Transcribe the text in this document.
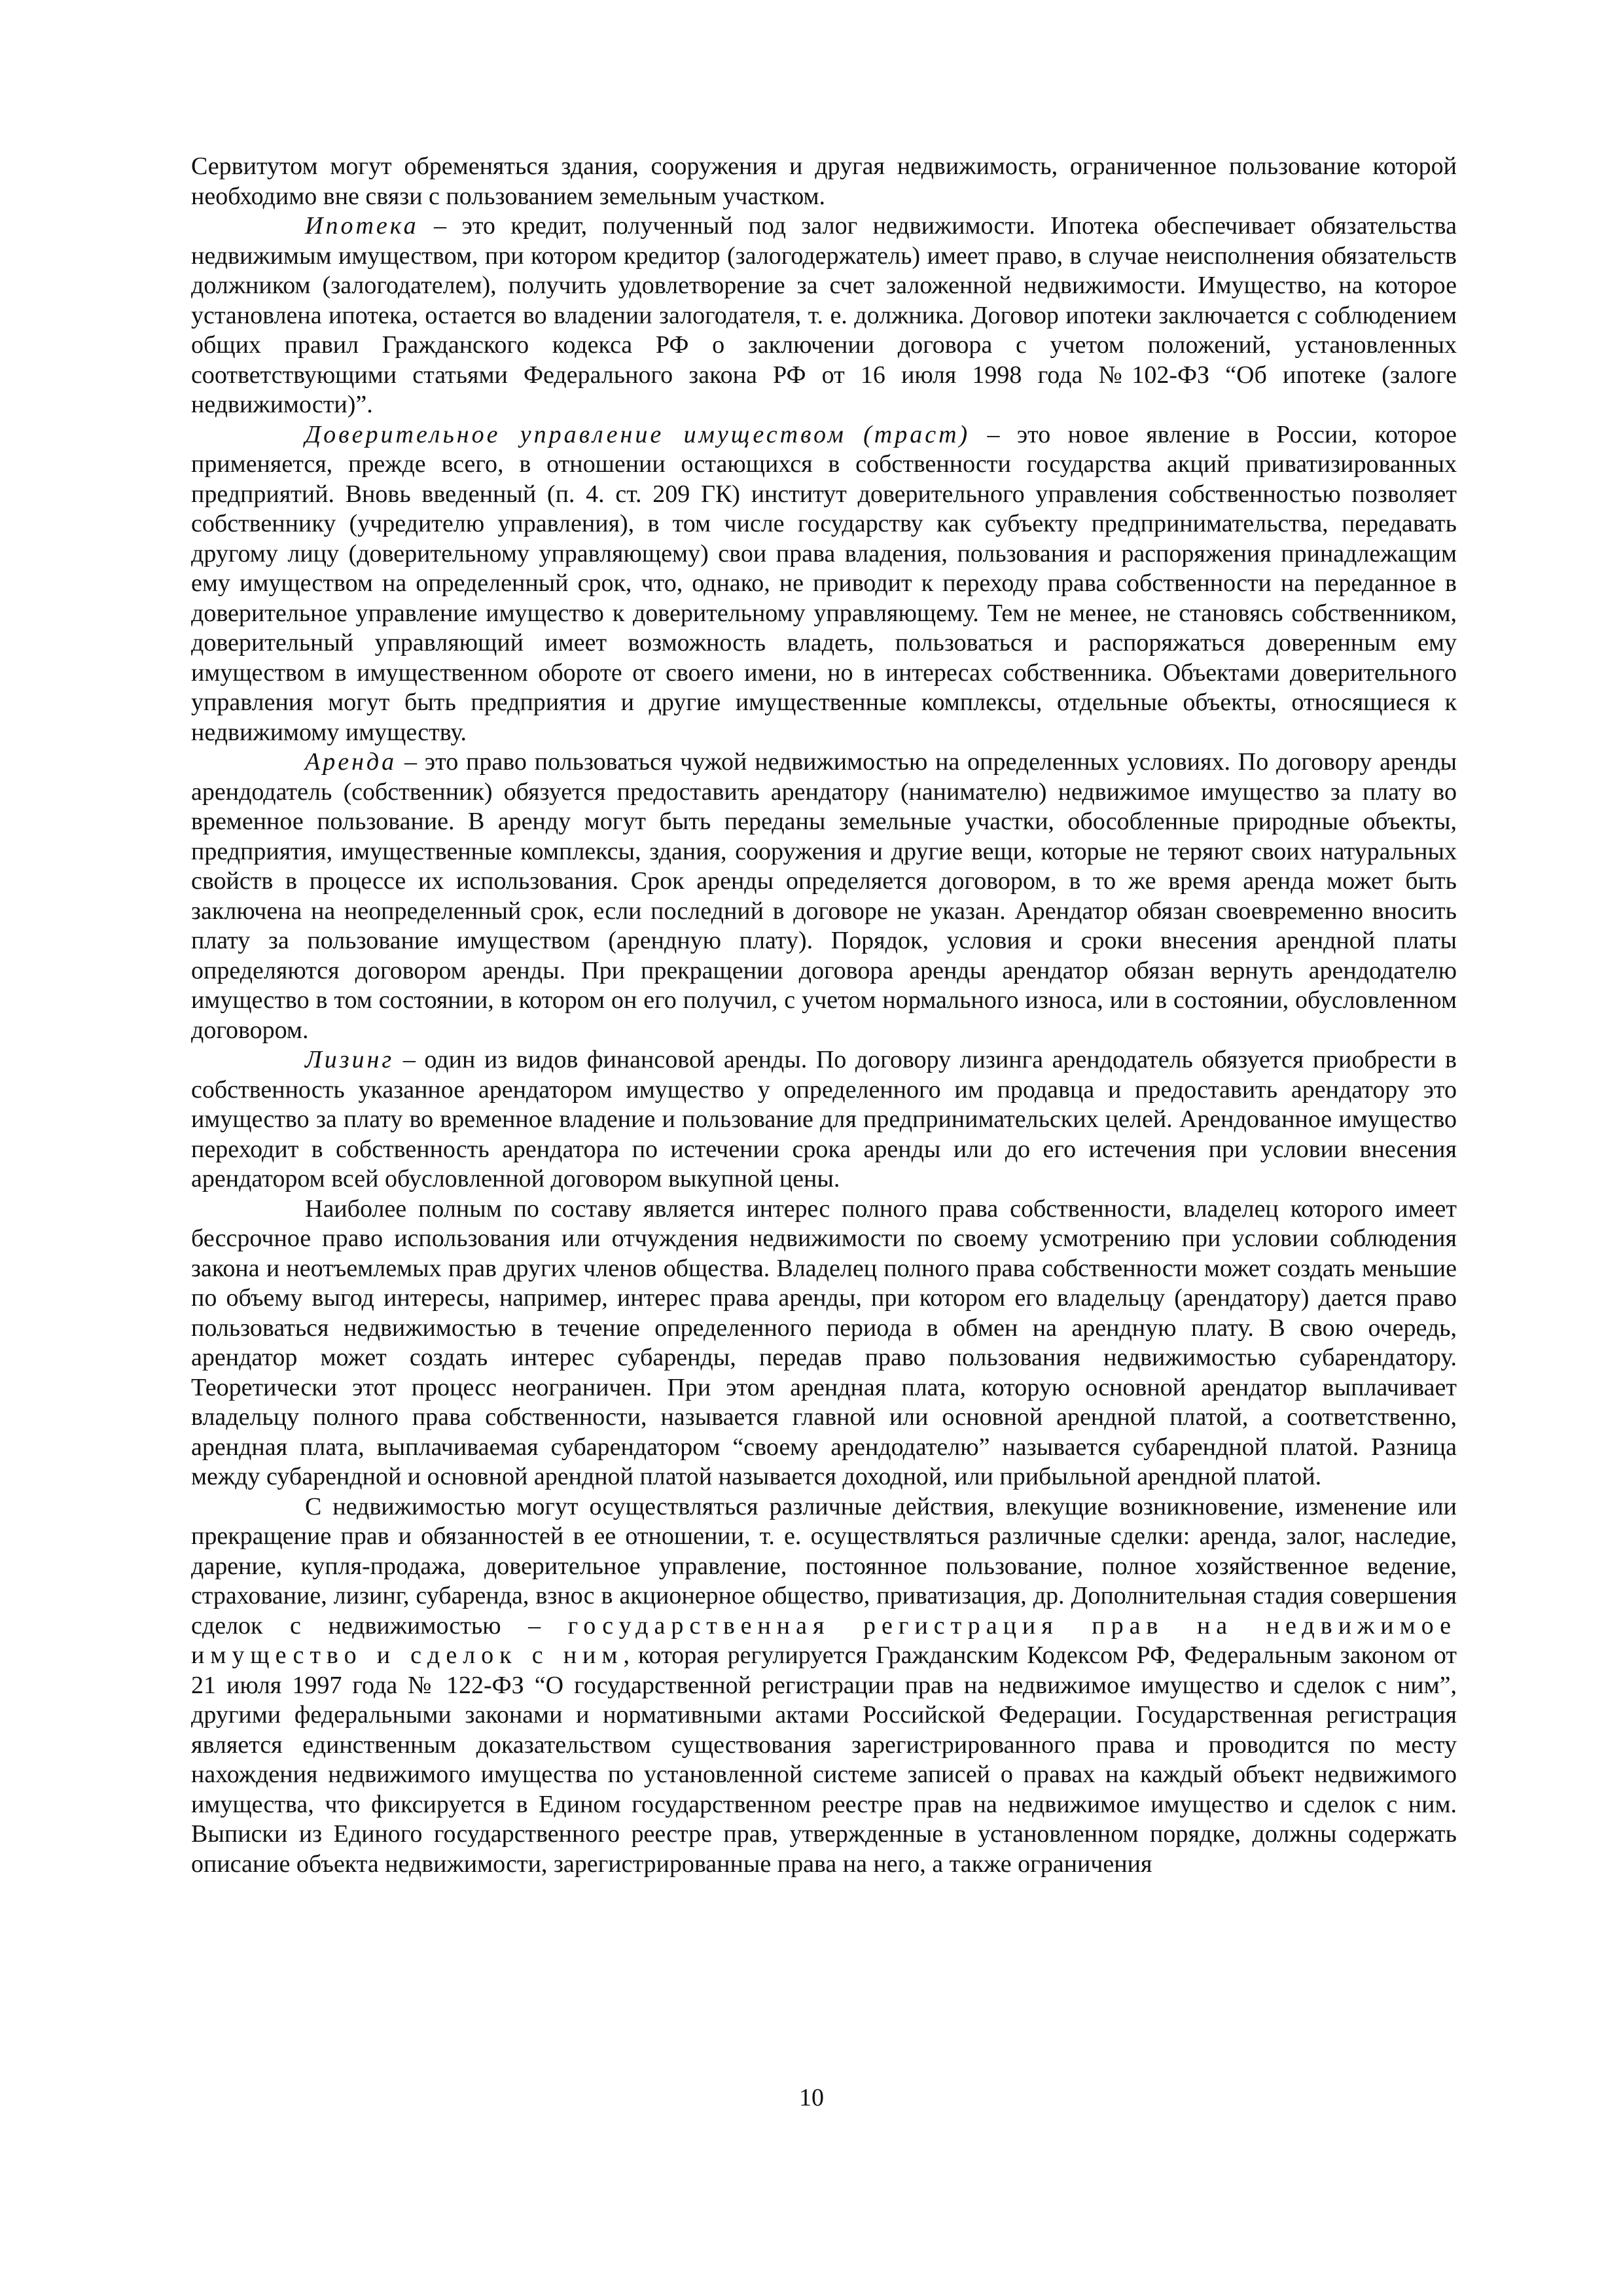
Сервитутом могут обременяться здания, сооружения и другая недвижимость, ограниченное пользование которой необходимо вне связи с пользованием земельным участком.

Ипотека – это кредит, полученный под залог недвижимости. Ипотека обеспечивает обязательства недвижимым имуществом, при котором кредитор (залогодержатель) имеет право, в случае неисполнения обязательств должником (залогодателем), получить удовлетворение за счет заложенной недвижимости. Имущество, на которое установлена ипотека, остается во владении залогодателя, т. е. должника. Договор ипотеки заключается с соблюдением общих правил Гражданского кодекса РФ о заключении договора с учетом положений, установленных соответствующими статьями Федерального закона РФ от 16 июля 1998 года №102-ФЗ “Об ипотеке (залоге недвижимости)”.

Доверительное управление имуществом (траст) – это новое явление в России, которое применяется, прежде всего, в отношении остающихся в собственности государства акций приватизированных предприятий. Вновь введенный (п. 4. ст. 209 ГК) институт доверительного управления собственностью позволяет собственнику (учредителю управления), в том числе государству как субъекту предпринимательства, передавать другому лицу (доверительному управляющему) свои права владения, пользования и распоряжения принадлежащим ему имуществом на определенный срок, что, однако, не приводит к переходу права собственности на переданное в доверительное управление имущество к доверительному управляющему. Тем не менее, не становясь собственником, доверительный управляющий имеет возможность владеть, пользоваться и распоряжаться доверенным ему имуществом в имущественном обороте от своего имени, но в интересах собственника. Объектами доверительного управления могут быть предприятия и другие имущественные комплексы, отдельные объекты, относящиеся к недвижимому имуществу.

Аренда – это право пользоваться чужой недвижимостью на определенных условиях. По договору аренды арендодатель (собственник) обязуется предоставить арендатору (нанимателю) недвижимое имущество за плату во временное пользование. В аренду могут быть переданы земельные участки, обособленные природные объекты, предприятия, имущественные комплексы, здания, сооружения и другие вещи, которые не теряют своих натуральных свойств в процессе их использования. Срок аренды определяется договором, в то же время аренда может быть заключена на неопределенный срок, если последний в договоре не указан. Арендатор обязан своевременно вносить плату за пользование имуществом (арендную плату). Порядок, условия и сроки внесения арендной платы определяются договором аренды. При прекращении договора аренды арендатор обязан вернуть арендодателю имущество в том состоянии, в котором он его получил, с учетом нормального износа, или в состоянии, обусловленном договором.

Лизинг – один из видов финансовой аренды. По договору лизинга арендодатель обязуется приобрести в собственность указанное арендатором имущество у определенного им продавца и предоставить арендатору это имущество за плату во временное владение и пользование для предпринимательских целей. Арендованное имущество переходит в собственность арендатора по истечении срока аренды или до его истечения при условии внесения арендатором всей обусловленной договором выкупной цены.

Наиболее полным по составу является интерес полного права собственности, владелец которого имеет бессрочное право использования или отчуждения недвижимости по своему усмотрению при условии соблюдения закона и неотъемлемых прав других членов общества. Владелец полного права собственности может создать меньшие по объему выгод интересы, например, интерес права аренды, при котором его владельцу (арендатору) дается право пользоваться недвижимостью в течение определенного периода в обмен на арендную плату. В свою очередь, арендатор может создать интерес субаренды, передав право пользования недвижимостью субарендатору. Теоретически этот процесс неограничен. При этом арендная плата, которую основной арендатор выплачивает владельцу полного права собственности, называется главной или основной арендной платой, а соответственно, арендная плата, выплачиваемая субарендатором “своему арендодателю” называется субарендной платой. Разница между субарендной и основной арендной платой называется доходной, или прибыльной арендной платой.

С недвижимостью могут осуществляться различные действия, влекущие возникновение, изменение или прекращение прав и обязанностей в ее отношении, т. е. осуществляться различные сделки: аренда, залог, наследие, дарение, купля-продажа, доверительное управление, постоянное пользование, полное хозяйственное ведение, страхование, лизинг, субаренда, взнос в акционерное общество, приватизация, др. Дополнительная стадия совершения сделок с недвижимостью – государственная регистрация прав на недвижимое имущество и сделок с ним, которая регулируется Гражданским Кодексом РФ, Федеральным законом от 21 июля 1997 года № 122-ФЗ “О государственной регистрации прав на недвижимое имущество и сделок с ним”, другими федеральными законами и нормативными актами Российской Федерации. Государственная регистрация является единственным доказательством существования зарегистрированного права и проводится по месту нахождения недвижимого имущества по установленной системе записей о правах на каждый объект недвижимого имущества, что фиксируется в Едином государственном реестре прав на недвижимое имущество и сделок с ним. Выписки из Единого государственного реестре прав, утвержденные в установленном порядке, должны содержать описание объекта недвижимости, зарегистрированные права на него, а также ограничения

10
